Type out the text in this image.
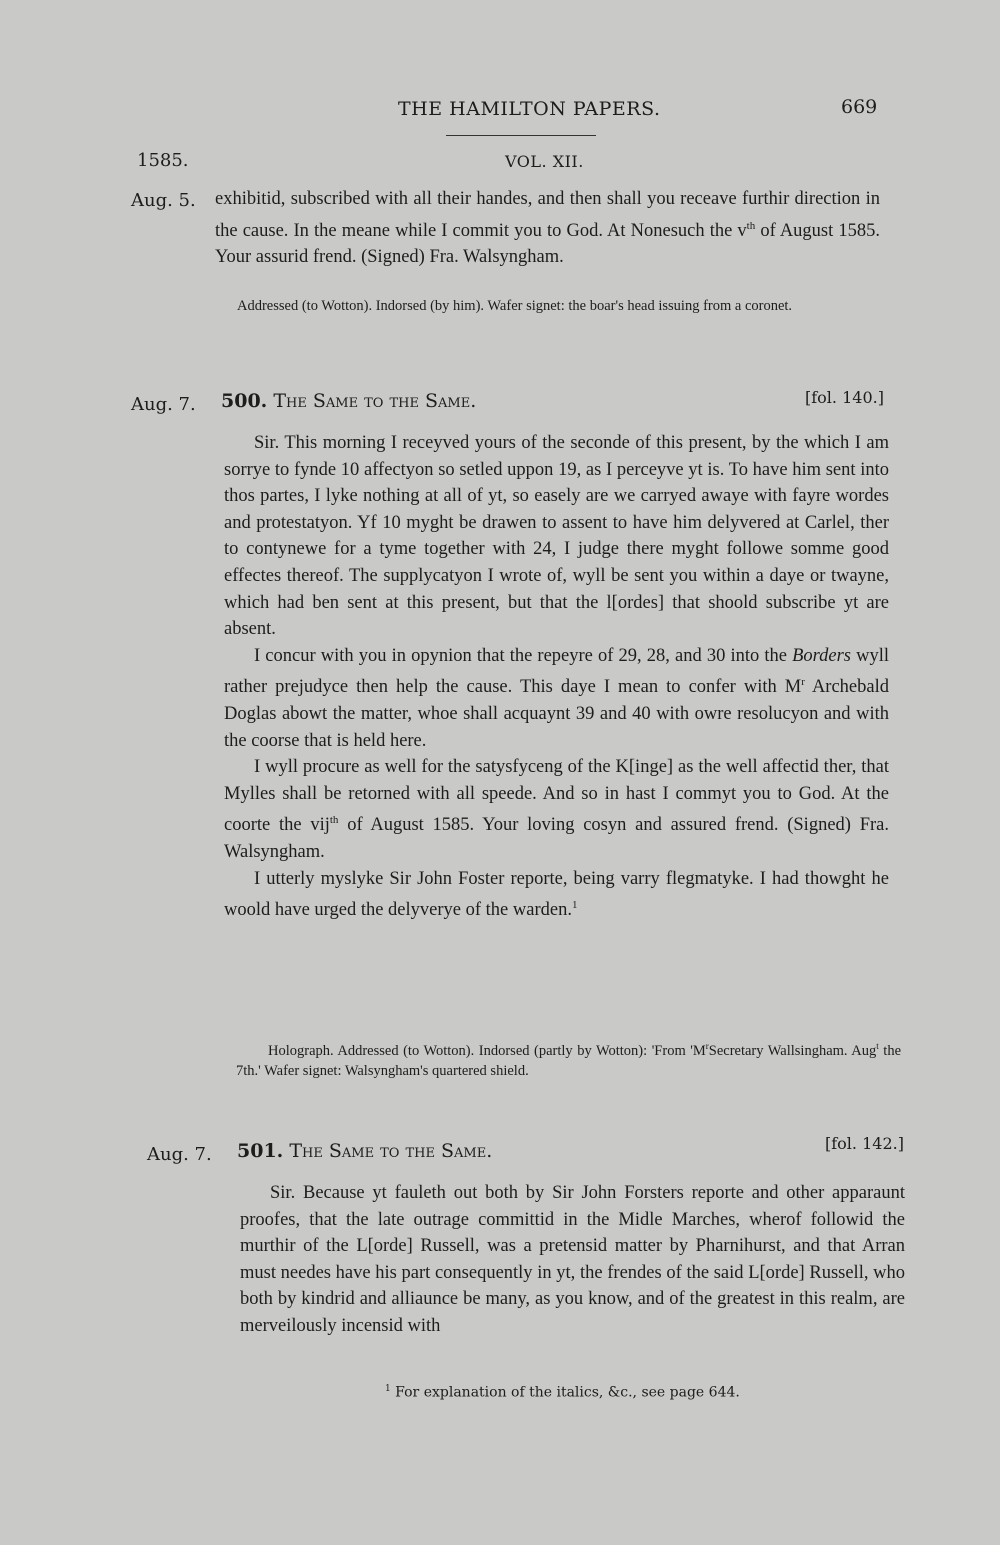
THE HAMILTON PAPERS.	669
1585.	VOL. XII.
Aug. 5. exhibitid, subscribed with all their handes, and then shall you receave furthir direction in the cause. In the meane while I commit you to God. At Nonesuch the $v^{th}$ of August 1585. Your assurid frend. (Signed) Fra. Walsyngham.

Addressed (to Wotton). Indorsed (by him). Wafer signet: the boar's head issuing from a coronet.
Aug. 7. 500. The Same to the Same.	[fol. 140.]

Sir. This morning I receyved yours of the seconde of this present, by the which I am sorrye to fynde 10 affectyon so setled uppon 19, as I perceyve yt is. To have him sent into thos partes, I lyke nothing at all of yt, so easely are we carryed awaye with fayre wordes and protestatyon. Yf 10 myght be drawen to assent to have him delyvered at Carlel, ther to contynewe for a tyme together with 24, I judge there myght followe somme good effectes thereof. The supplycatyon I wrote of, wyll be sent you within a daye or twayne, which had ben sent at this present, but that the l[ordes] that shoold subscribe yt are absent.

I concur with you in opynion that the repeyre of 29, 28, and 30 into the Borders wyll rather prejudyce then help the cause. This daye I mean to confer with $M^r$ Archebald Doglas abowt the matter, whoe shall acquaynt 39 and 40 with owre resolucyon and with the coorse that is held here.

I wyll procure as well for the satysfyceng of the K[inge] as the well affectid ther, that Mylles shall be retorned with all speede. And so in hast I commyt you to God. At the coorte the vij$^{th}$ of August 1585. Your loving cosyn and assured frend. (Signed) Fra. Walsyngham.

I utterly myslyke Sir John Foster reporte, being varry flegmatyke. I had thowght he woold have urged the delyverye of the warden.$^1$

Holograph. Addressed (to Wotton). Indorsed (partly by Wotton): 'From '$M^rSecretary$ Wallsingham. Aug$^t$ the 7th.' Wafer signet: Walsyngham's quartered shield.
Aug. 7. 501. The Same to the Same.	[fol. 142.]

Sir. Because yt fauleth out both by Sir John Forsters reporte and other apparaunt proofes, that the late outrage committid in the Midle Marches, wherof followid the murthir of the L[orde] Russell, was a pretensid matter by Pharnihurst, and that Arran must needes have his part consequently in yt, the frendes of the said L[orde] Russell, who both by kindrid and alliaunce be many, as you know, and of the greatest in this realm, are merveilously incensid with

$^1$ For explanation of the italics, &c., see page 644.
